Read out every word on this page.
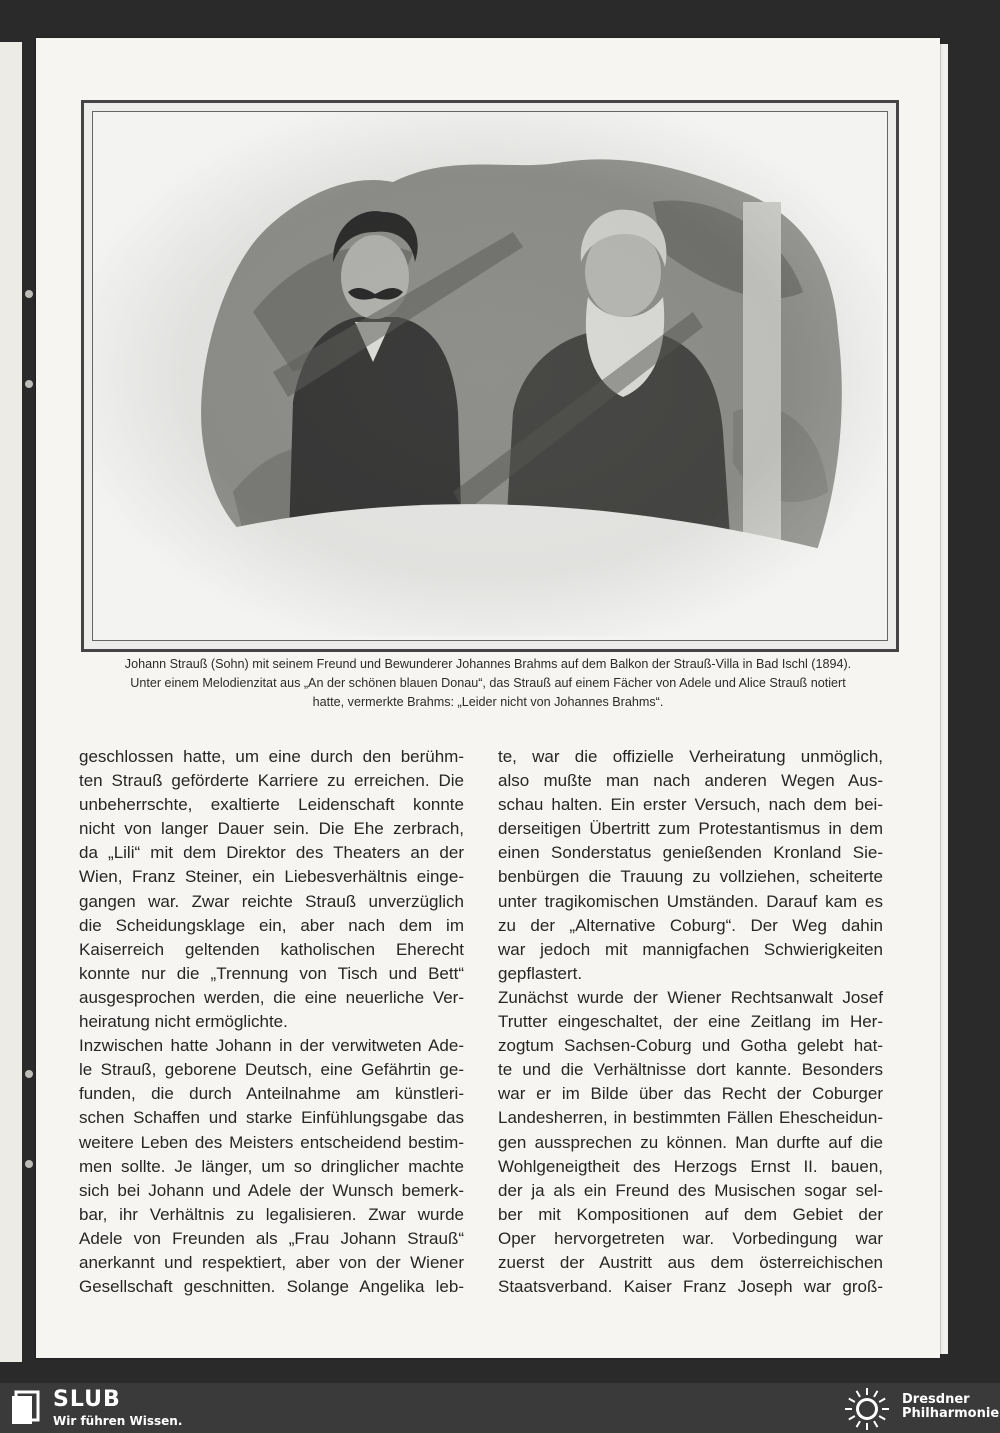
Johann Strauß (Sohn) mit seinem Freund und Bewunderer Johannes Brahms auf dem Balkon der Strauß-Villa in Bad Ischl (1894).
Unter einem Melodienzitat aus „An der schönen blauen Donau“, das Strauß auf einem Fächer von Adele und Alice Strauß notiert
hatte, vermerkte Brahms: „Leider nicht von Johannes Brahms“.
geschlossen hatte, um eine durch den berühm-
ten Strauß geförderte Karriere zu erreichen. Die
unbeherrschte, exaltierte Leidenschaft konnte
nicht von langer Dauer sein. Die Ehe zerbrach,
da „Lili“ mit dem Direktor des Theaters an der
Wien, Franz Steiner, ein Liebesverhältnis einge-
gangen war. Zwar reichte Strauß unverzüglich
die Scheidungsklage ein, aber nach dem im
Kaiserreich geltenden katholischen Eherecht
konnte nur die „Trennung von Tisch und Bett“
ausgesprochen werden, die eine neuerliche Ver-
heiratung nicht ermöglichte.
Inzwischen hatte Johann in der verwitweten Ade-
le Strauß, geborene Deutsch, eine Gefährtin ge-
funden, die durch Anteilnahme am künstleri-
schen Schaffen und starke Einfühlungsgabe das
weitere Leben des Meisters entscheidend bestim-
men sollte. Je länger, um so dringlicher machte
sich bei Johann und Adele der Wunsch bemerk-
bar, ihr Verhältnis zu legalisieren. Zwar wurde
Adele von Freunden als „Frau Johann Strauß“
anerkannt und respektiert, aber von der Wiener
Gesellschaft geschnitten. Solange Angelika leb-
te, war die offizielle Verheiratung unmöglich,
also mußte man nach anderen Wegen Aus-
schau halten. Ein erster Versuch, nach dem bei-
derseitigen Übertritt zum Protestantismus in dem
einen Sonderstatus genießenden Kronland Sie-
benbürgen die Trauung zu vollziehen, scheiterte
unter tragikomischen Umständen. Darauf kam es
zu der „Alternative Coburg“. Der Weg dahin
war jedoch mit mannigfachen Schwierigkeiten
gepflastert.
Zunächst wurde der Wiener Rechtsanwalt Josef
Trutter eingeschaltet, der eine Zeitlang im Her-
zogtum Sachsen-Coburg und Gotha gelebt hat-
te und die Verhältnisse dort kannte. Besonders
war er im Bilde über das Recht der Coburger
Landesherren, in bestimmten Fällen Ehescheidun-
gen aussprechen zu können. Man durfte auf die
Wohlgeneigtheit des Herzogs Ernst II. bauen,
der ja als ein Freund des Musischen sogar sel-
ber mit Kompositionen auf dem Gebiet der
Oper hervorgetreten war. Vorbedingung war
zuerst der Austritt aus dem österreichischen
Staatsverband. Kaiser Franz Joseph war groß-
SLUB
Wir führen Wissen.
Dresdner
Philharmonie
